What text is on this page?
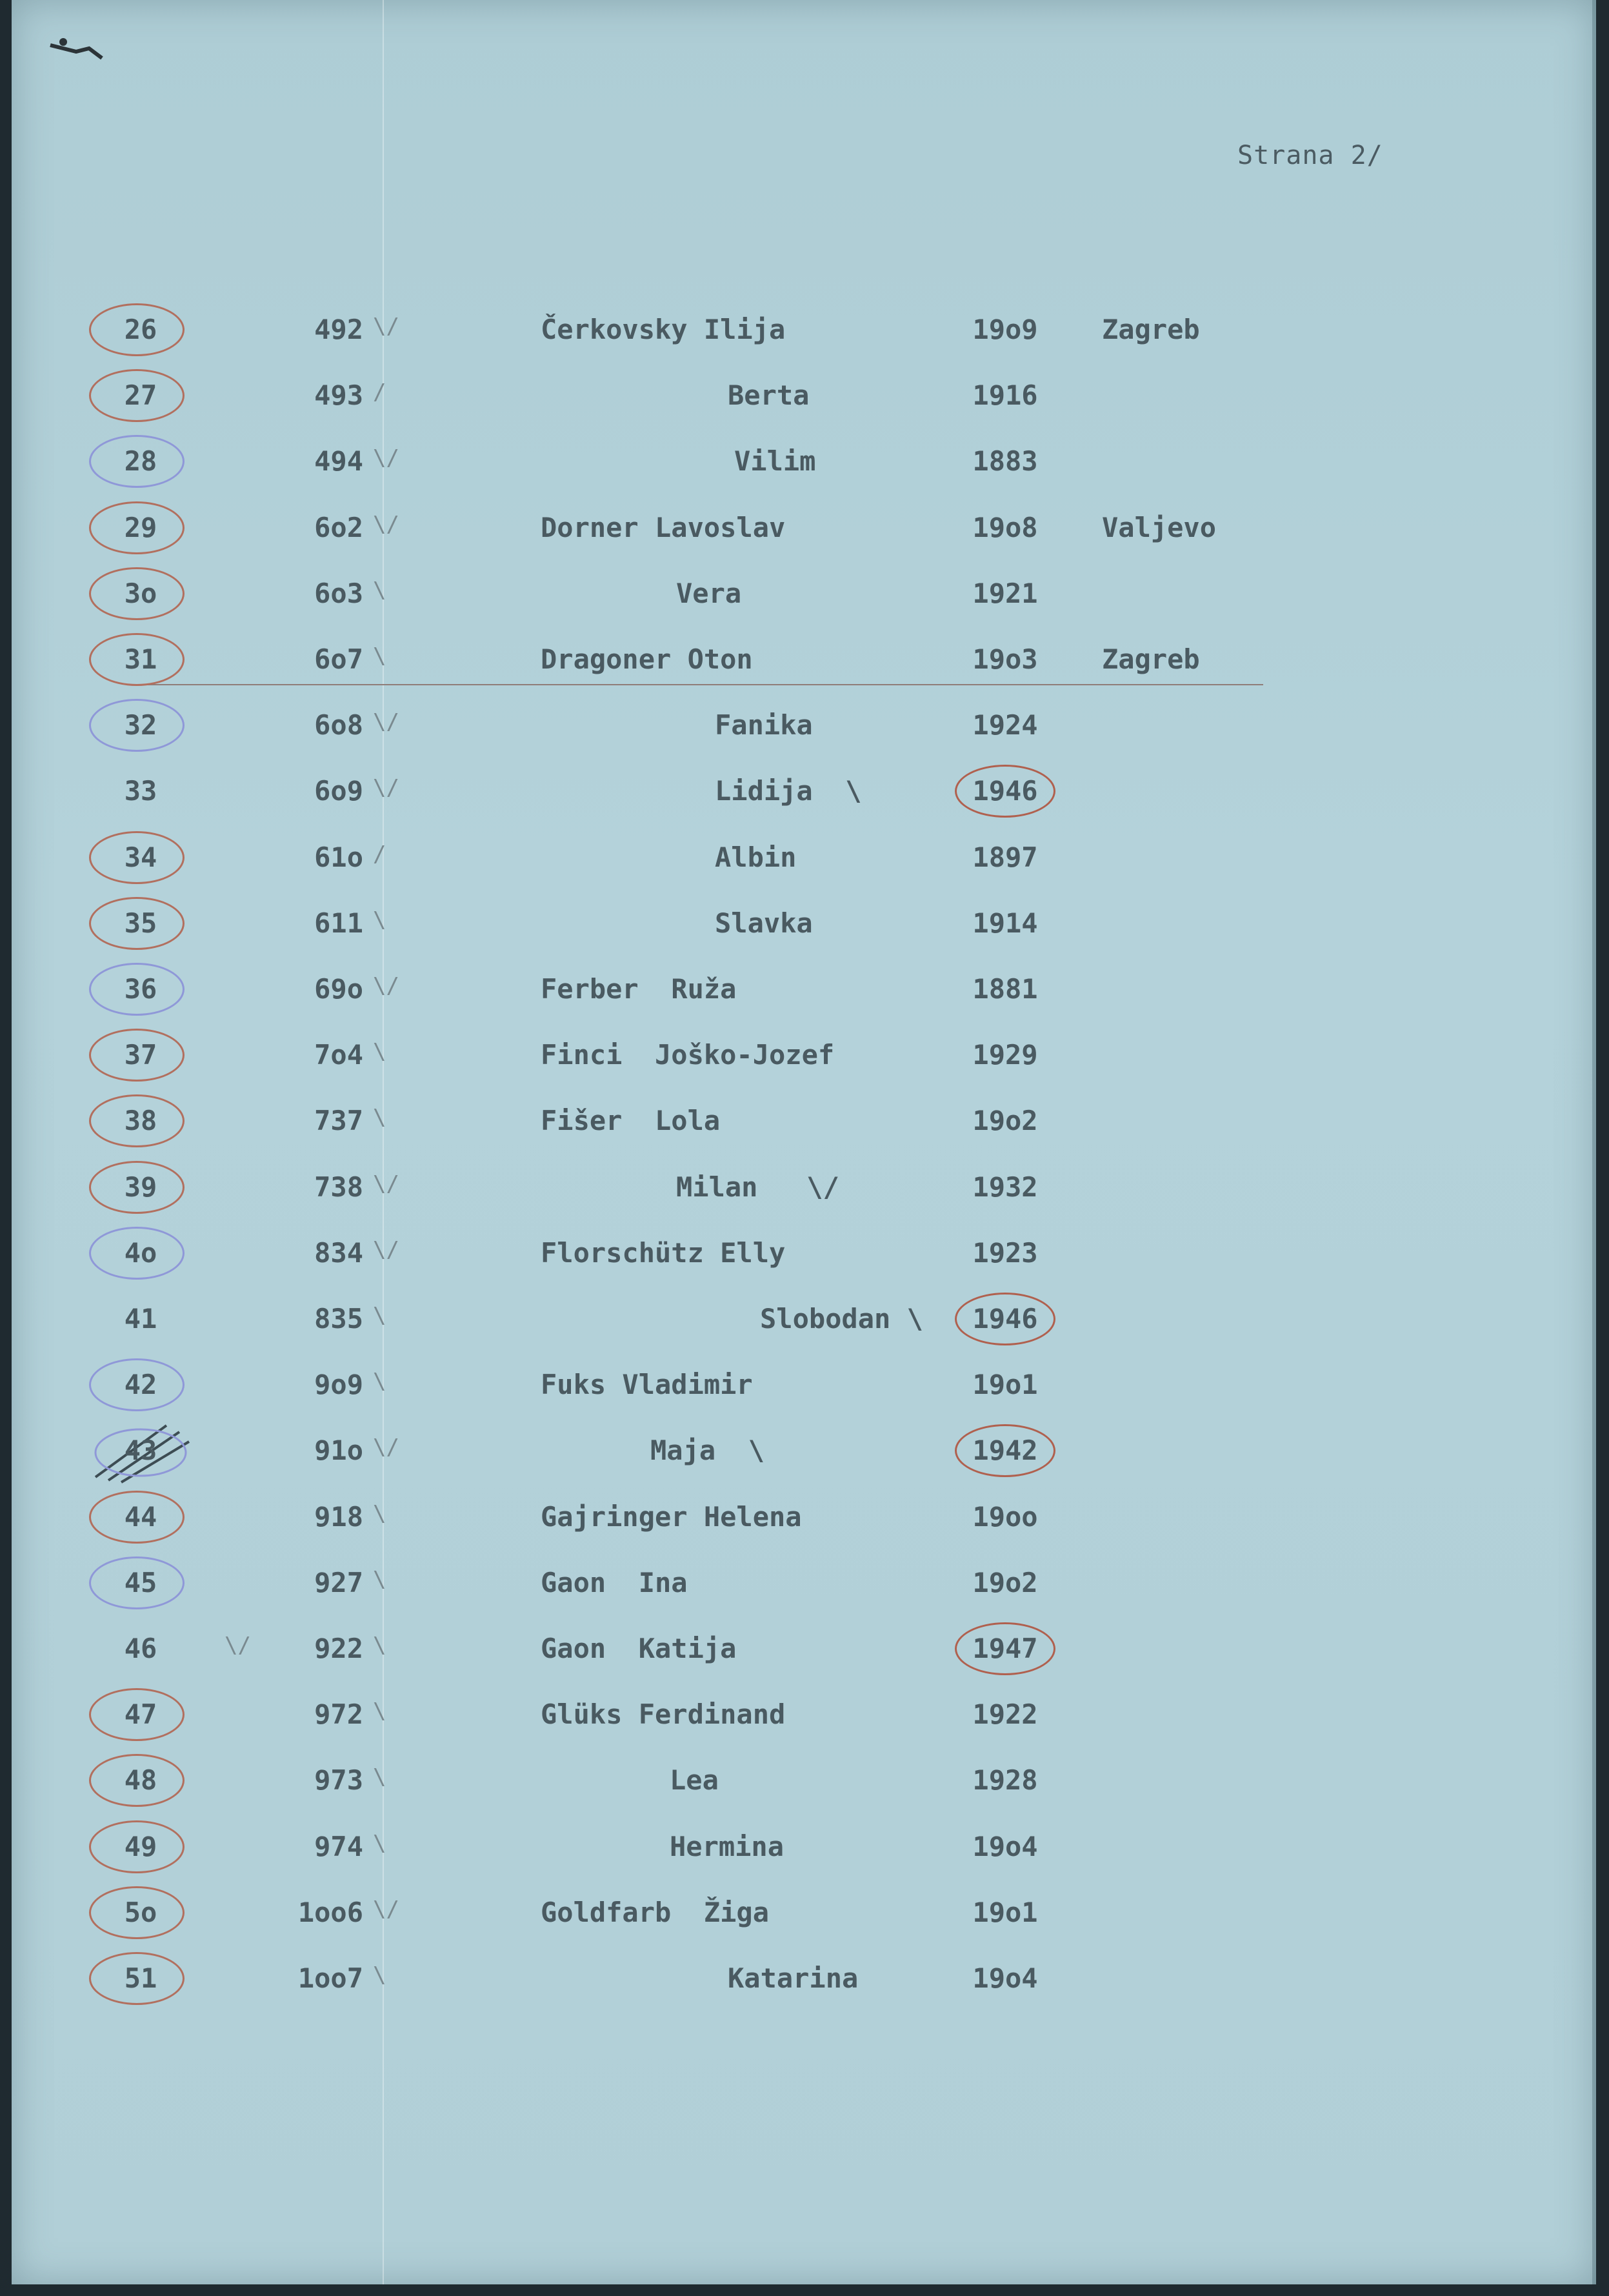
Strana 2/
26	492 \/	Čerkovsky Ilija	19o9	Zagreb
27	493 /	Berta	1916
28	494 \/	Vilim	1883
29	6o2 \/	Dorner Lavoslav	19o8	Valjevo
3o	6o3 \	Vera	1921
31	6o7 \	Dragoner Oton	19o3	Zagreb
32	6o8 \/	Fanika	1924
33	6o9 \/	Lidija  \	1946
34	61o /	Albin	1897
35	611 \	Slavka	1914
36	69o \/	Ferber  Ruža	1881
37	7o4 \	Finci  Joško-Jozef	1929
38	737 \	Fišer  Lola	19o2
39	738 \/	Milan   \/	1932
4o	834 \/	Florschütz Elly	1923
41	835 \	Slobodan \	1946
42	9o9 \	Fuks Vladimir	19o1
43	91o \/	Maja  \	1942
44	918 \	Gajringer Helena	19oo
45	927 \	Gaon  Ina	19o2
46	922 \	Gaon  Katija	1947
\/
47	972 \	Glüks Ferdinand	1922
48	973 \	Lea	1928
49	974 \	Hermina	19o4
5o	1oo6 \/	Goldfarb  Žiga	19o1
51	1oo7 \	Katarina	19o4
